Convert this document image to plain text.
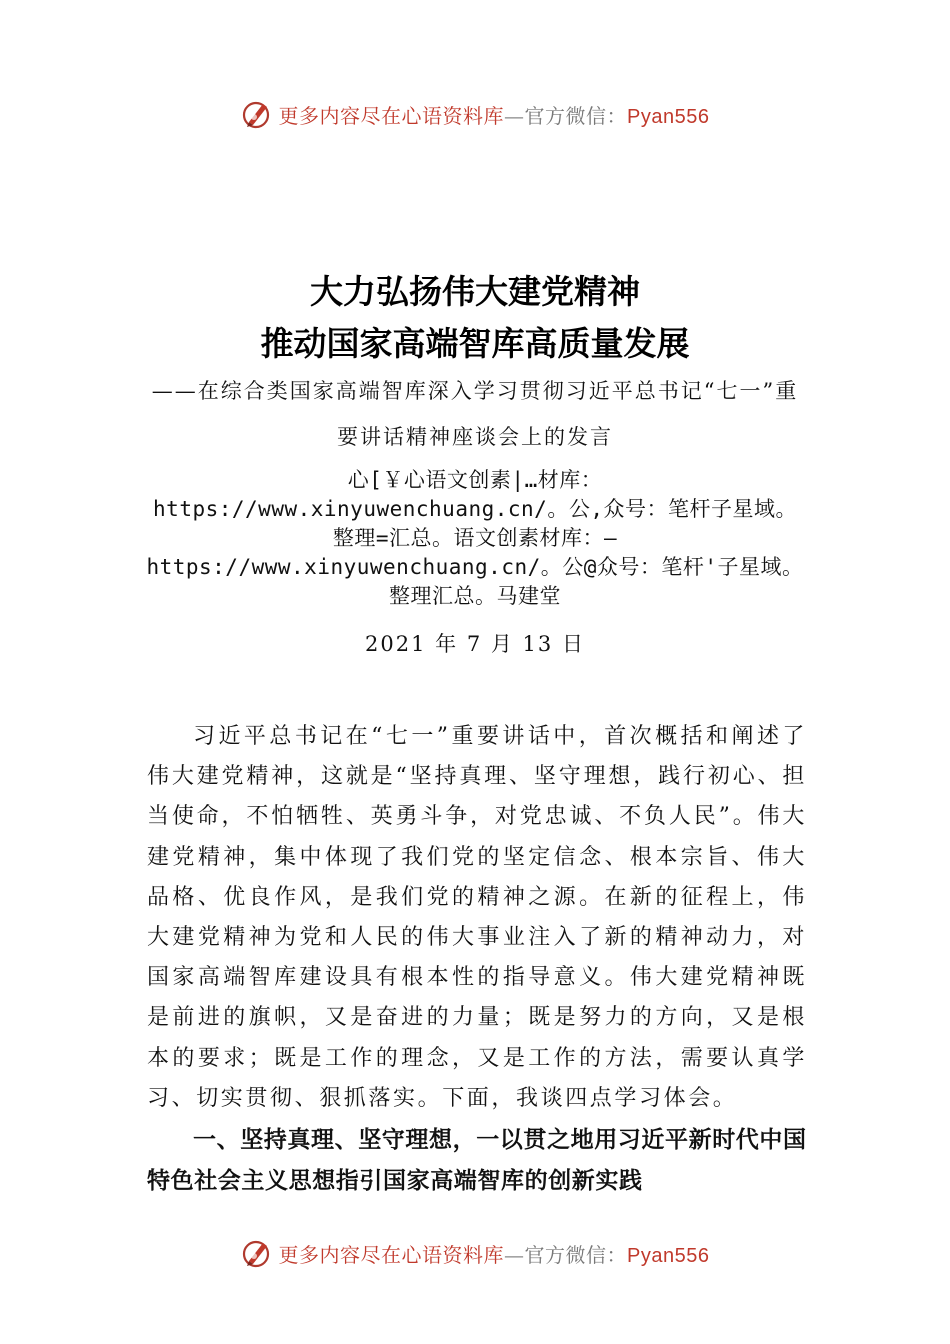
更多内容尽在心语资料库—官方微信：Pyan556
大力弘扬伟大建党精神
推动国家高端智库高质量发展
——在综合类国家高端智库深入学习贯彻习近平总书记“七一”重要讲话精神座谈会上的发言
心[￥心语文创素|…材库：https://www.xinyuwenchuang.cn/。公,众号：笔杆子星域。整理=汇总。语文创素材库：—https://www.xinyuwenchuang.cn/。公@众号：笔杆'子星域。整理汇总。马建堂
2021 年 7 月 13 日
习近平总书记在“七一”重要讲话中，首次概括和阐述了伟大建党精神，这就是“坚持真理、坚守理想，践行初心、担当使命，不怕牺牲、英勇斗争，对党忠诚、不负人民”。伟大建党精神，集中体现了我们党的坚定信念、根本宗旨、伟大品格、优良作风，是我们党的精神之源。在新的征程上，伟大建党精神为党和人民的伟大事业注入了新的精神动力，对国家高端智库建设具有根本性的指导意义。伟大建党精神既是前进的旗帜，又是奋进的力量；既是努力的方向，又是根本的要求；既是工作的理念，又是工作的方法，需要认真学习、切实贯彻、狠抓落实。下面，我谈四点学习体会。
一、坚持真理、坚守理想，一以贯之地用习近平新时代中国特色社会主义思想指引国家高端智库的创新实践
更多内容尽在心语资料库—官方微信：Pyan556
